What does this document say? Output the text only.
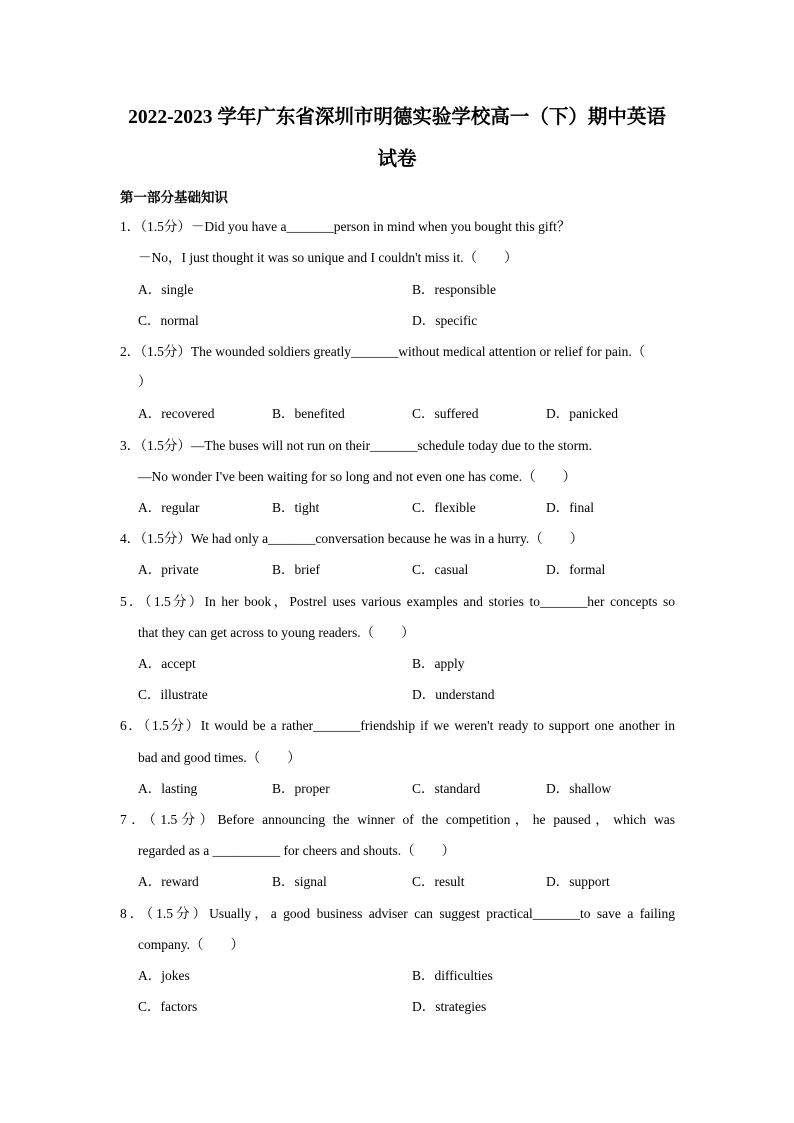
2022-2023 学年广东省深圳市明德实验学校高一（下）期中英语
试卷
第一部分基础知识
1．（1.5分）－Did you have a_______person in mind when you bought this gift？
－No，I just thought it was so unique and I couldn't miss it.（　　）
A．single	B．responsible
C．normal	D．specific
2．（1.5分）The wounded soldiers greatly_______without medical attention or relief for pain.（
）
A．recovered	B．benefited	C．suffered	D．panicked
3．（1.5分）—The buses will not run on their_______schedule today due to the storm.
—No wonder I've been waiting for so long and not even one has come.（　　）
A．regular	B．tight	C．flexible	D．final
4．（1.5分）We had only a_______conversation because he was in a hurry.（　　）
A．private	B．brief	C．casual	D．formal
5．（1.5分）In her book，Postrel uses various examples and stories to_______her concepts so
that they can get across to young readers.（　　）
A．accept	B．apply
C．illustrate	D．understand
6．（1.5分）It would be a rather_______friendship if we weren't ready to support one another in
bad and good times.（　　）
A．lasting	B．proper	C．standard	D．shallow
7．（1.5分）Before announcing the winner of the competition，he paused，which was
regarded as a __________ for cheers and shouts.（　　）
A．reward	B．signal	C．result	D．support
8．（1.5分）Usually，a good business adviser can suggest practical_______to save a failing
company.（　　）
A．jokes	B．difficulties
C．factors	D．strategies
